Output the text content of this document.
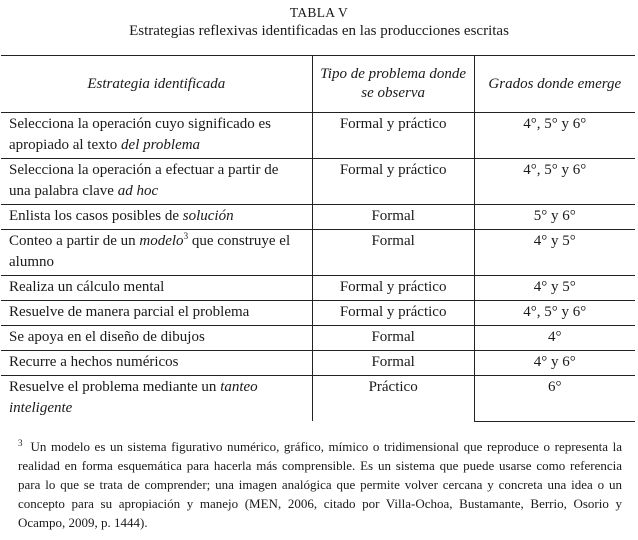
TABLA V
Estrategias reflexivas identificadas en las producciones escritas
Estrategia identificada	Tipo de problema donde se observa	Grados donde emerge
Selecciona la operación cuyo significado es apropiado al texto del problema	Formal y práctico	4°, 5° y 6°
Selecciona la operación a efectuar a partir de una palabra clave ad hoc	Formal y práctico	4°, 5° y 6°
Enlista los casos posibles de solución	Formal	5° y 6°
Conteo a partir de un modelo$^3$ que construye el alumno	Formal	4° y 5°
Realiza un cálculo mental	Formal y práctico	4° y 5°
Resuelve de manera parcial el problema	Formal y práctico	4°, 5° y 6°
Se apoya en el diseño de dibujos	Formal	4°
Recurre a hechos numéricos	Formal	4° y 6°
Resuelve el problema mediante un tanteo inteligente	Práctico	6°
$^3$ Un modelo es un sistema figurativo numérico, gráfico, mímico o tridimensional que reproduce o representa la realidad en forma esquemática para hacerla más comprensible. Es un sistema que puede usarse como referencia para lo que se trata de comprender; una imagen analógica que permite volver cercana y concreta una idea o un concepto para su apropiación y manejo (MEN, 2006, citado por Villa-Ochoa, Bustamante, Berrio, Osorio y Ocampo, 2009, p. 1444).
